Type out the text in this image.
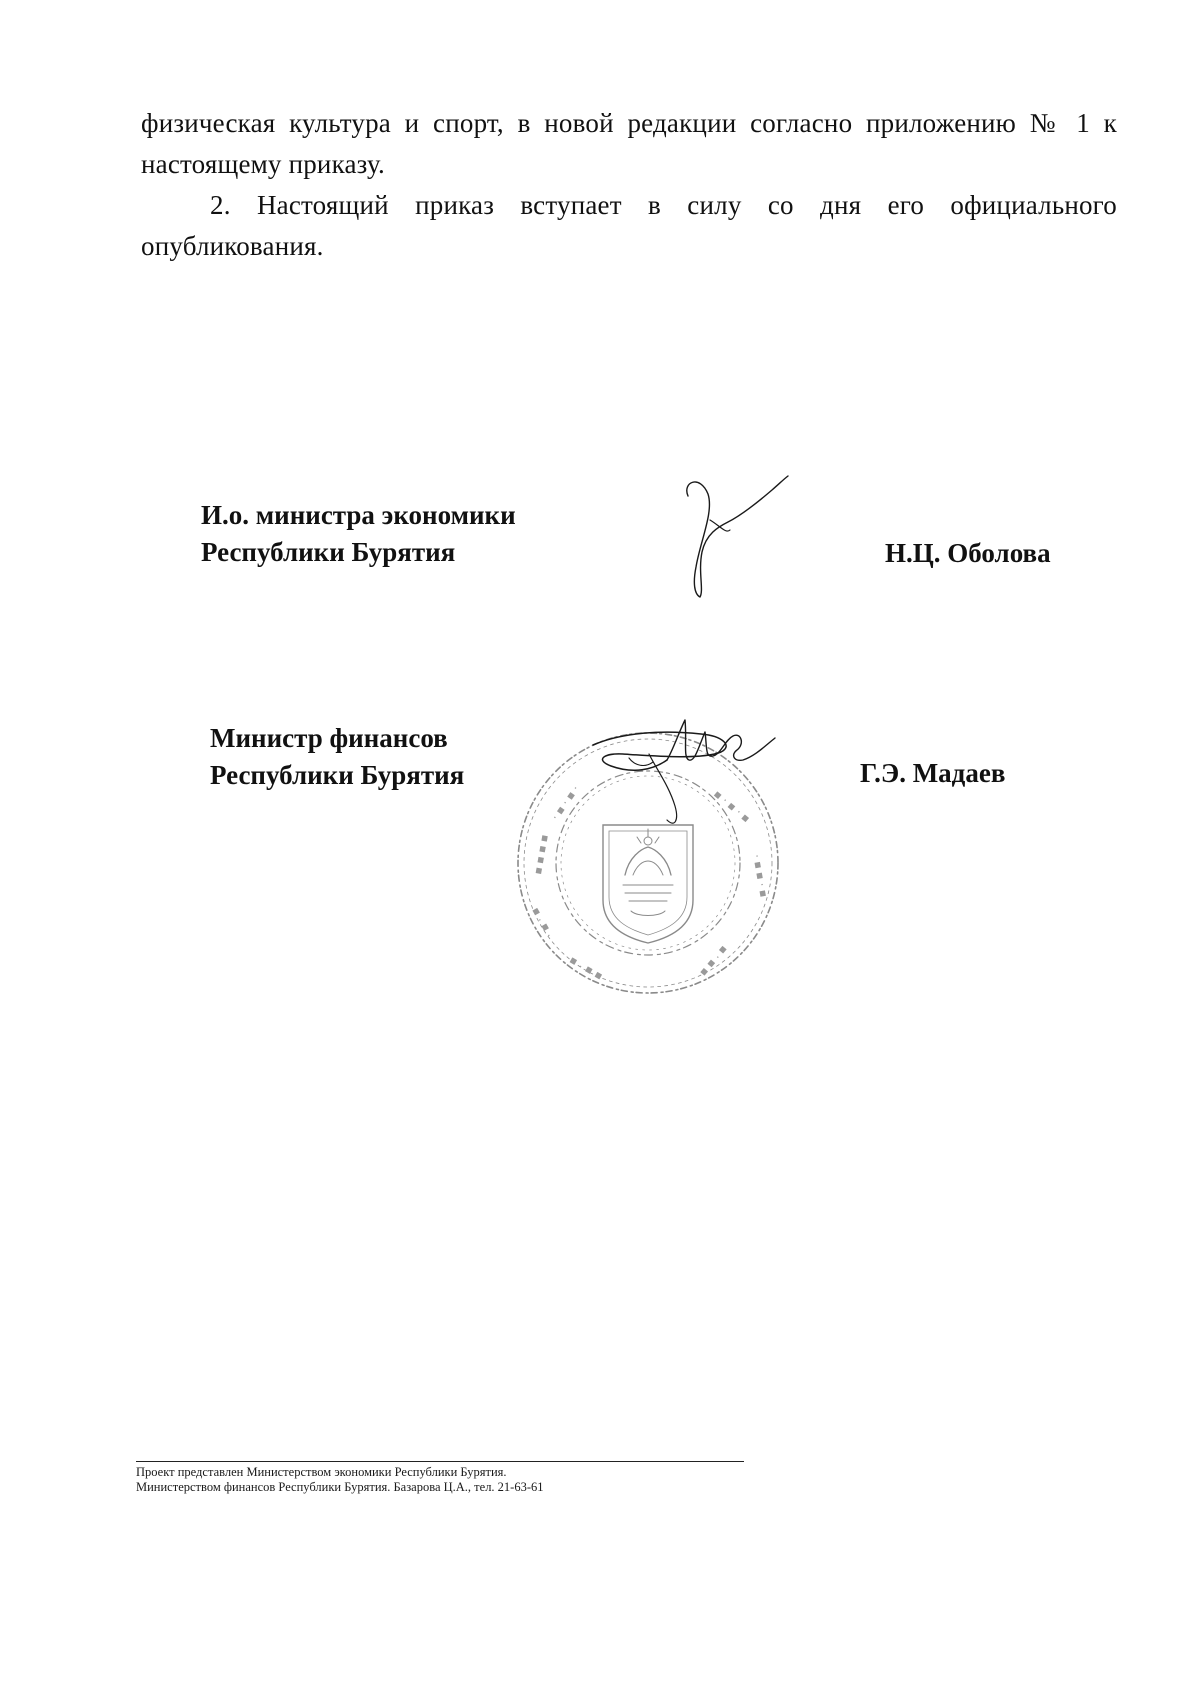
физическая культура и спорт, в новой редакции согласно приложению № 1 к
настоящему приказу.

2. Настоящий приказ вступает в силу со дня его официального
опубликования.

И.о. министра экономики
Республики Бурятия	Н.Ц. Оболова
Министр финансов
Республики Бурятия
▪ ▪ ▪ ▪
· ▪ · ▪ ·	▪ · ▪ · ▪
· ▪ ▪ · ▪
▪ · ▪ ▪
▪ ▪ · ▪
· ▪ · ▪
Г.Э. Мадаев
Проект представлен Министерством экономики Республики Бурятия.
Министерством финансов Республики Бурятия. Базарова Ц.А., тел. 21-63-61
